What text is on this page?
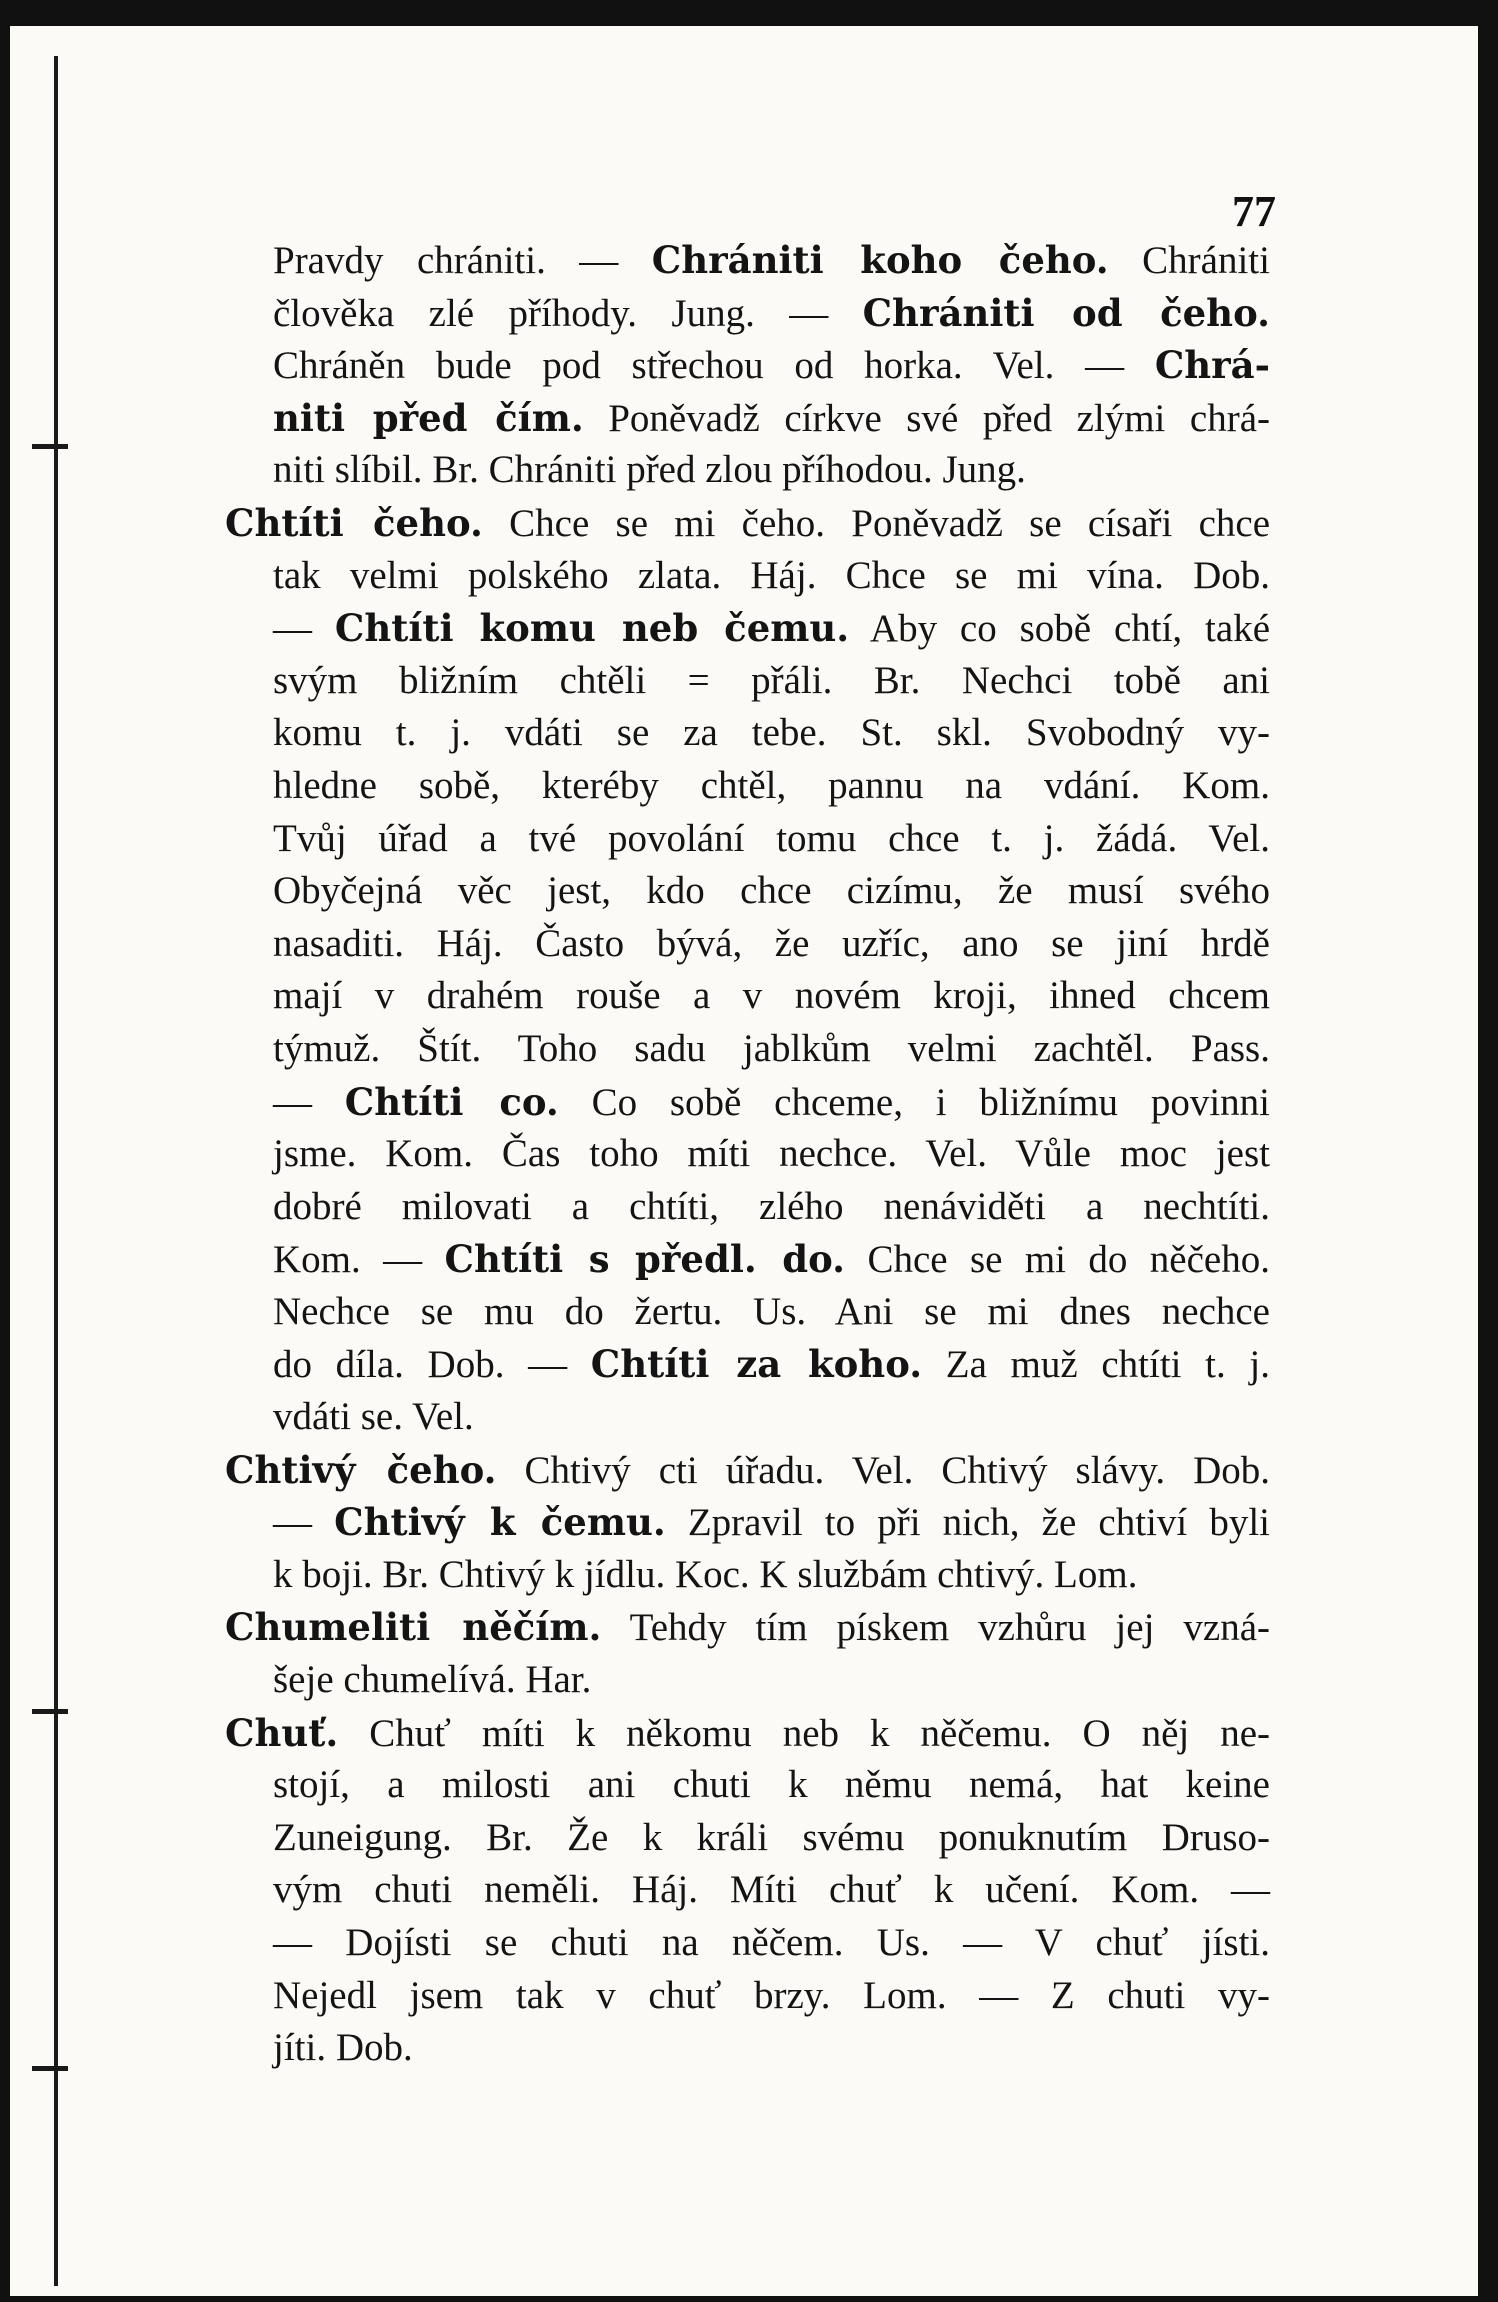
77
Pravdy chrániti. — Chrániti koho čeho. Chrániti
člověka zlé příhody. Jung. — Chrániti od čeho.
Chráněn bude pod střechou od horka. Vel. — Chrá-
niti před čím. Poněvadž církve své před zlými chrá-
niti slíbil. Br. Chrániti před zlou příhodou. Jung.
Chtíti čeho. Chce se mi čeho. Poněvadž se císaři chce
tak velmi polského zlata. Háj. Chce se mi vína. Dob.
— Chtíti komu neb čemu. Aby co sobě chtí, také
svým bližním chtěli = přáli. Br. Nechci tobě ani
komu t. j. vdáti se za tebe. St. skl. Svobodný vy-
hledne sobě, kteréby chtěl, pannu na vdání. Kom.
Tvůj úřad a tvé povolání tomu chce t. j. žádá. Vel.
Obyčejná věc jest, kdo chce cizímu, že musí svého
nasaditi. Háj. Často bývá, že uzříc, ano se jiní hrdě
mají v drahém rouše a v novém kroji, ihned chcem
týmuž. Štít. Toho sadu jablkům velmi zachtěl. Pass.
— Chtíti co. Co sobě chceme, i bližnímu povinni
jsme. Kom. Čas toho míti nechce. Vel. Vůle moc jest
dobré milovati a chtíti, zlého nenáviděti a nechtíti.
Kom. — Chtíti s předl. do. Chce se mi do něčeho.
Nechce se mu do žertu. Us. Ani se mi dnes nechce
do díla. Dob. — Chtíti za koho. Za muž chtíti t. j.
vdáti se. Vel.
Chtivý čeho. Chtivý cti úřadu. Vel. Chtivý slávy. Dob.
— Chtivý k čemu. Zpravil to při nich, že chtiví byli
k boji. Br. Chtivý k jídlu. Koc. K službám chtivý. Lom.
Chumeliti něčím. Tehdy tím pískem vzhůru jej vzná-
šeje chumelívá. Har.
Chuť. Chuť míti k někomu neb k něčemu. O něj ne-
stojí, a milosti ani chuti k němu nemá, hat keine
Zuneigung. Br. Že k králi svému ponuknutím Druso-
vým chuti neměli. Háj. Míti chuť k učení. Kom. —
— Dojísti se chuti na něčem. Us. — V chuť jísti.
Nejedl jsem tak v chuť brzy. Lom. — Z chuti vy-
jíti. Dob.
